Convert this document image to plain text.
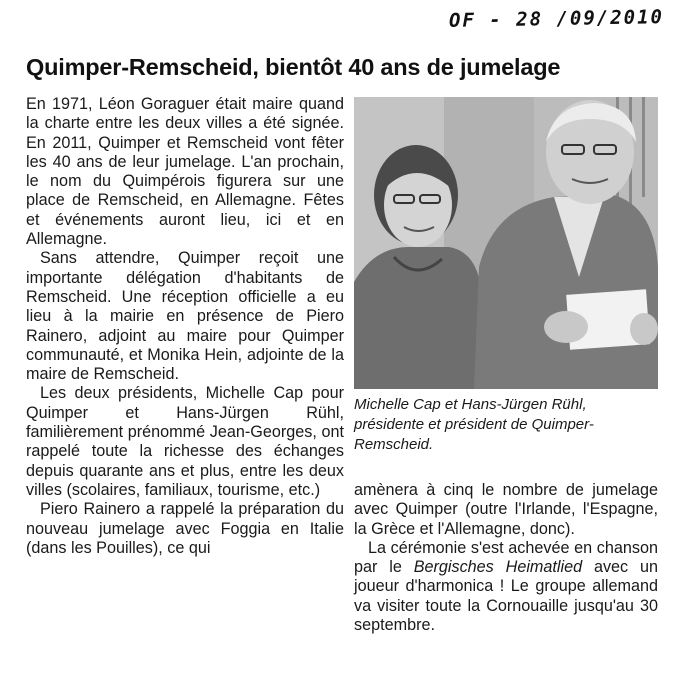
OF - 28 /09/2010
Quimper-Remscheid, bientôt 40 ans de jumelage

En 1971, Léon Goraguer était maire quand la charte entre les deux villes a été signée. En 2011, Quimper et Remscheid vont fêter les 40 ans de leur jumelage. L'an prochain, le nom du Quimpérois figurera sur une place de Remscheid, en Allemagne. Fêtes et événements auront lieu, ici et en Allemagne.

Sans attendre, Quimper reçoit une importante délégation d'habitants de Remscheid. Une réception officielle a eu lieu à la mairie en présence de Piero Rainero, adjoint au maire pour Quimper communauté, et Monika Hein, adjointe de la maire de Remscheid.

Les deux présidents, Michelle Cap pour Quimper et Hans-Jürgen Rühl, familièrement prénommé Jean-Georges, ont rappelé toute la richesse des échanges depuis quarante ans et plus, entre les deux villes (scolaires, familiaux, tourisme, etc.)

Piero Rainero a rappelé la préparation du nouveau jumelage avec Foggia en Italie (dans les Pouilles), ce qui

Michelle Cap et Hans-Jürgen Rühl,
présidente et président de Quimper-
Remscheid.

amènera à cinq le nombre de jumelage avec Quimper (outre l'Irlande, l'Espagne, la Grèce et l'Allemagne, donc).

La cérémonie s'est achevée en chanson par le Bergisches Heimatlied avec un joueur d'harmonica ! Le groupe allemand va visiter toute la Cornouaille jusqu'au 30 septembre.
